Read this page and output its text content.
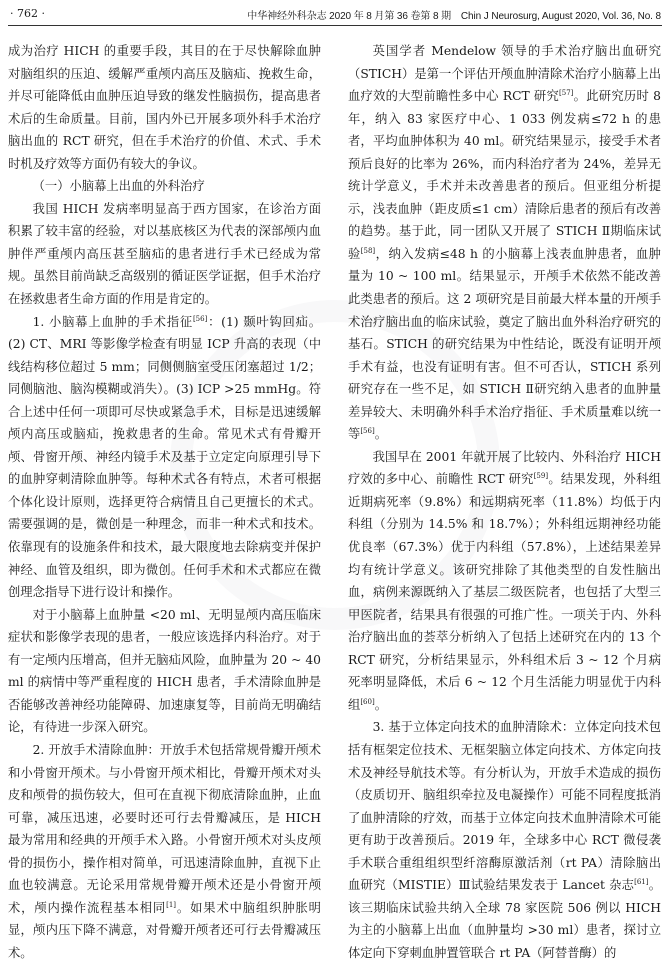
· 762 ·	中华神经外科杂志 2020 年 8 月第 36 卷第 8 期　Chin J Neurosurg, August 2020, Vol. 36, No. 8

成为治疗 HICH 的重要手段，其目的在于尽快解除血肿对脑组织的压迫、缓解严重颅内高压及脑疝、挽救生命，并尽可能降低由血肿压迫导致的继发性脑损伤，提高患者术后的生命质量。目前，国内外已开展多项外科手术治疗脑出血的 RCT 研究，但在手术治疗的价值、术式、手术时机及疗效等方面仍有较大的争议。

（一）小脑幕上出血的外科治疗

我国 HICH 发病率明显高于西方国家，在诊治方面积累了较丰富的经验，对以基底核区为代表的深部颅内血肿伴严重颅内高压甚至脑疝的患者进行手术已经成为常规。虽然目前尚缺乏高级别的循证医学证据，但手术治疗在拯救患者生命方面的作用是肯定的。

1. 小脑幕上血肿的手术指征[56]：(1) 颞叶钩回疝。(2) CT、MRI 等影像学检查有明显 ICP 升高的表现（中线结构移位超过 5 mm；同侧侧脑室受压闭塞超过 1/2；同侧脑池、脑沟模糊或消失）。(3) ICP >25 mmHg。符合上述中任何一项即可尽快或紧急手术，目标是迅速缓解颅内高压或脑疝，挽救患者的生命。常见术式有骨瓣开颅、骨窗开颅、神经内镜手术及基于立定定向原理引导下的血肿穿刺清除血肿等。每种术式各有特点，术者可根据个体化设计原则，选择更符合病情且自己更擅长的术式。需要强调的是，微创是一种理念，而非一种术式和技术。依靠现有的设施条件和技术，最大限度地去除病变并保护神经、血管及组织，即为微创。任何手术和术式都应在微创理念指导下进行设计和操作。

对于小脑幕上血肿量 <20 ml、无明显颅内高压临床症状和影像学表现的患者，一般应该选择内科治疗。对于有一定颅内压增高，但并无脑疝风险，血肿量为 20 ~ 40 ml 的病情中等严重程度的 HICH 患者，手术清除血肿是否能够改善神经功能障碍、加速康复等，目前尚无明确结论，有待进一步深入研究。

2. 开放手术清除血肿：开放手术包括常规骨瓣开颅术和小骨窗开颅术。与小骨窗开颅术相比，骨瓣开颅术对头皮和颅骨的损伤较大，但可在直视下彻底清除血肿，止血可靠，减压迅速，必要时还可行去骨瓣减压，是 HICH 最为常用和经典的开颅手术入路。小骨窗开颅术对头皮颅骨的损伤小，操作相对简单，可迅速清除血肿，直视下止血也较满意。无论采用常规骨瓣开颅术还是小骨窗开颅术，颅内操作流程基本相同[1]。如果术中脑组织肿胀明显，颅内压下降不满意，对骨瓣开颅者还可行去骨瓣减压术。

英国学者 Mendelow 领导的手术治疗脑出血研究（STICH）是第一个评估开颅血肿清除术治疗小脑幕上出血疗效的大型前瞻性多中心 RCT 研究[57]。此研究历时 8 年，纳入 83 家医疗中心、1 033 例发病≤72 h 的患者，平均血肿体积为 40 ml。研究结果显示，接受手术者预后良好的比率为 26%，而内科治疗者为 24%，差异无统计学意义，手术并未改善患者的预后。但亚组分析提示，浅表血肿（距皮质≤1 cm）清除后患者的预后有改善的趋势。基于此，同一团队又开展了 STICH Ⅱ期临床试验[58]，纳入发病≤48 h 的小脑幕上浅表血肿患者，血肿量为 10 ~ 100 ml。结果显示，开颅手术依然不能改善此类患者的预后。这 2 项研究是目前最大样本量的开颅手术治疗脑出血的临床试验，奠定了脑出血外科治疗研究的基石。STICH 的研究结果为中性结论，既没有证明开颅手术有益，也没有证明有害。但不可否认，STICH 系列研究存在一些不足，如 STICH Ⅱ研究纳入患者的血肿量差异较大、未明确外科手术治疗指征、手术质量难以统一等[56]。

我国早在 2001 年就开展了比较内、外科治疗 HICH 疗效的多中心、前瞻性 RCT 研究[59]。结果发现，外科组近期病死率（9.8%）和远期病死率（11.8%）均低于内科组（分别为 14.5% 和 18.7%）；外科组远期神经功能优良率（67.3%）优于内科组（57.8%），上述结果差异均有统计学意义。该研究排除了其他类型的自发性脑出血，病例来源既纳入了基层二级医院者，也包括了大型三甲医院者，结果具有很强的可推广性。一项关于内、外科治疗脑出血的荟萃分析纳入了包括上述研究在内的 13 个 RCT 研究，分析结果显示，外科组术后 3 ~ 12 个月病死率明显降低，术后 6 ~ 12 个月生活能力明显优于内科组[60]。

3. 基于立体定向技术的血肿清除术：立体定向技术包括有框架定位技术、无框架脑立体定向技术、方体定向技术及神经导航技术等。有分析认为，开放手术造成的损伤（皮质切开、脑组织牵拉及电凝操作）可能不同程度抵消了血肿清除的疗效，而基于立体定向技术血肿清除术可能更有助于改善预后。2019 年，全球多中心 RCT 微侵袭手术联合重组组织型纤溶酶原激活剂（rt PA）清除脑出血研究（MISTIE）Ⅲ试验结果发表于 Lancet 杂志[61]。该三期临床试验共纳入全球 78 家医院 506 例以 HICH 为主的小脑幕上出血（血肿量均 >30 ml）患者，探讨立体定向下穿刺血肿置管联合 rt PA（阿替普酶）的
